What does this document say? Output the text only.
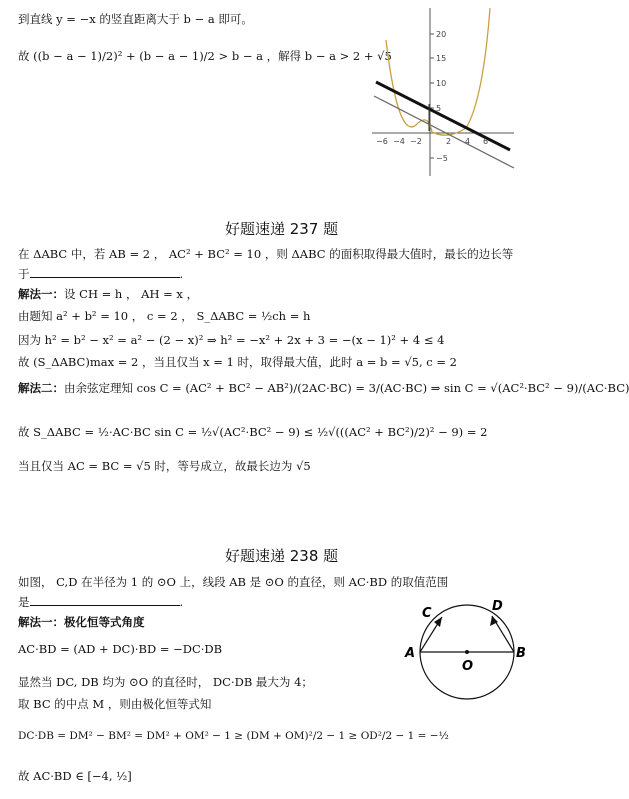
到直线 y = −x 的竖直距离大于 b − a 即可。
故 ((b − a − 1)/2)² + (b − a − 1)/2 > b − a ，解得 b − a > 2 + √5
20
15
10
5
−5
−6 −4 −2	2 4 6
好题速递 237 题
在 ΔABC 中，若 AB = 2 ， AC² + BC² = 10 ，则 ΔABC 的面积取得最大值时，最长的边长等
于	.
解法一：设 CH = h ， AH = x ，
由题知 a² + b² = 10 ， c = 2 ， S_ΔABC = ½ch = h
因为 h² = b² − x² = a² − (2 − x)² ⇒ h² = −x² + 2x + 3 = −(x − 1)² + 4 ≤ 4
故 (S_ΔABC)max = 2 ，当且仅当 x = 1 时，取得最大值，此时 a = b = √5, c = 2
解法二：由余弦定理知 cos C = (AC² + BC² − AB²)/(2AC·BC) = 3/(AC·BC) ⇒ sin C = √(AC²·BC² − 9)/(AC·BC)
故 S_ΔABC = ½·AC·BC sin C = ½√(AC²·BC² − 9) ≤ ½√(((AC² + BC²)/2)² − 9) = 2
当且仅当 AC = BC = √5 时，等号成立，故最长边为 √5
好题速递 238 题
如图， C,D 在半径为 1 的 ⊙O 上，线段 AB 是 ⊙O 的直径，则 AC·BD 的取值范围
是	.
解法一：极化恒等式角度
AC·BD = (AD + DC)·BD = −DC·DB
显然当 DC, DB 均为 ⊙O 的直径时， DC·DB 最大为 4；
取 BC 的中点 M ，则由极化恒等式知
DC·DB = DM² − BM² = DM² + OM² − 1 ≥ (DM + OM)²/2 − 1 ≥ OD²/2 − 1 = −½
故 AC·BD ∈ [−4, ½]
C	D
A	B
O
